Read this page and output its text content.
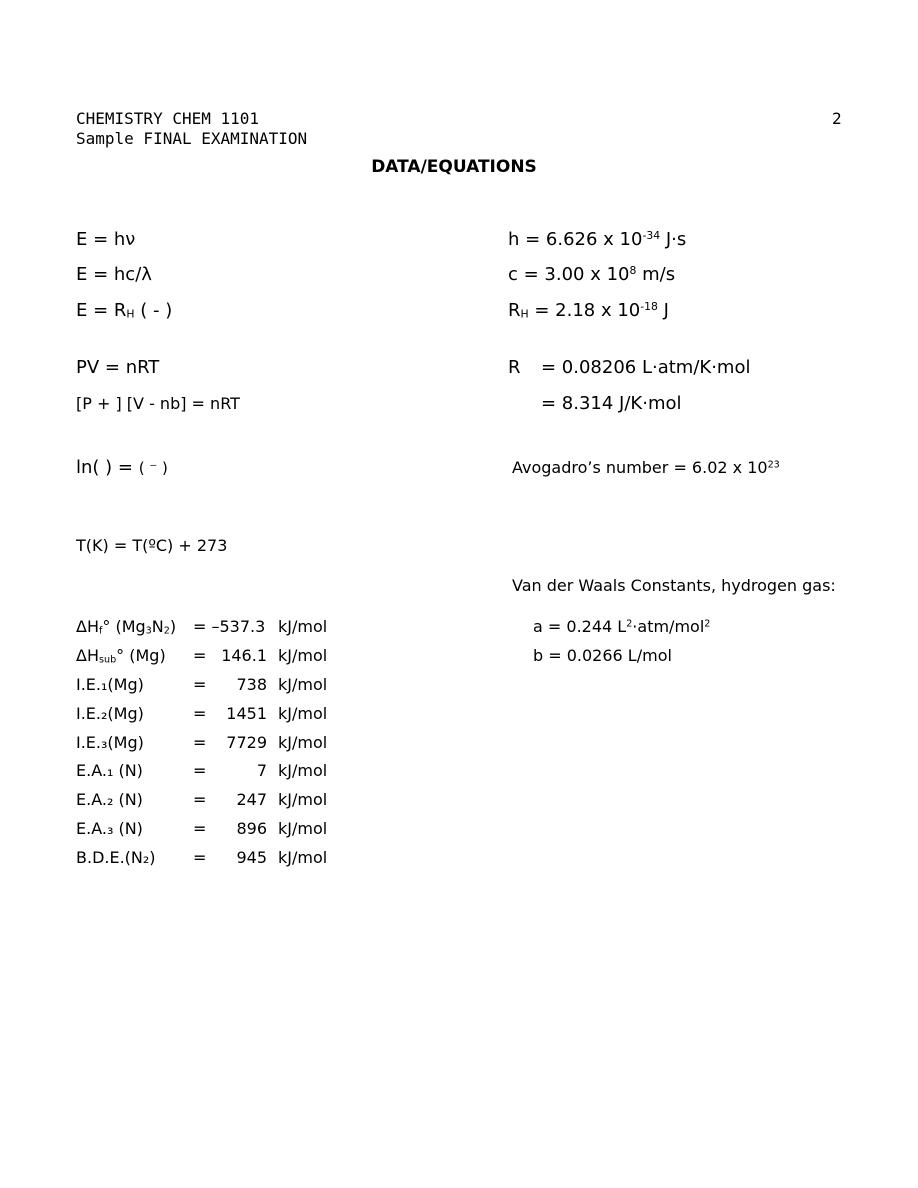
CHEMISTRY CHEM 1101
Sample FINAL EXAMINATION
2
DATA/EQUATIONS
E = hν
E = hc/λ
$E = R_H$ ( - )
PV = nRT
[P + ] [V - nb] = nRT
ln( ) = ( ⁻ )
T(K) = T(ºC) + 273
h = 6.626 x $10^{-34}$ J·s
c = 3.00 x $10^8$ m/s
$R_H = 2.18$ x $10^{-18}$ J
R = 0.08206 L·atm/K·mol
= 8.314 J/K·mol
Avogadro’s number = 6.02 x $10^{23}$
Van der Waals Constants, hydrogen gas:
a = 0.244 $L^2\cdot atm/mol^2$
b = 0.0266 L/mol
$\Delta H_f^\circ$ $(Mg_3N_2) = -537.3$ kJ/mol
$\Delta H_{sub}^\circ$ (Mg) = 146.1 kJ/mol
I.E.₁(Mg)	=	738 kJ/mol
I.E.₂(Mg)	=	1451 kJ/mol
I.E.₃(Mg)	=	7729 kJ/mol
E.A.₁ (N)	=	7 kJ/mol
E.A.₂ (N)	=	247 kJ/mol
E.A.₃ (N)	=	896 kJ/mol
B.D.E.(N₂) =	945 kJ/mol
